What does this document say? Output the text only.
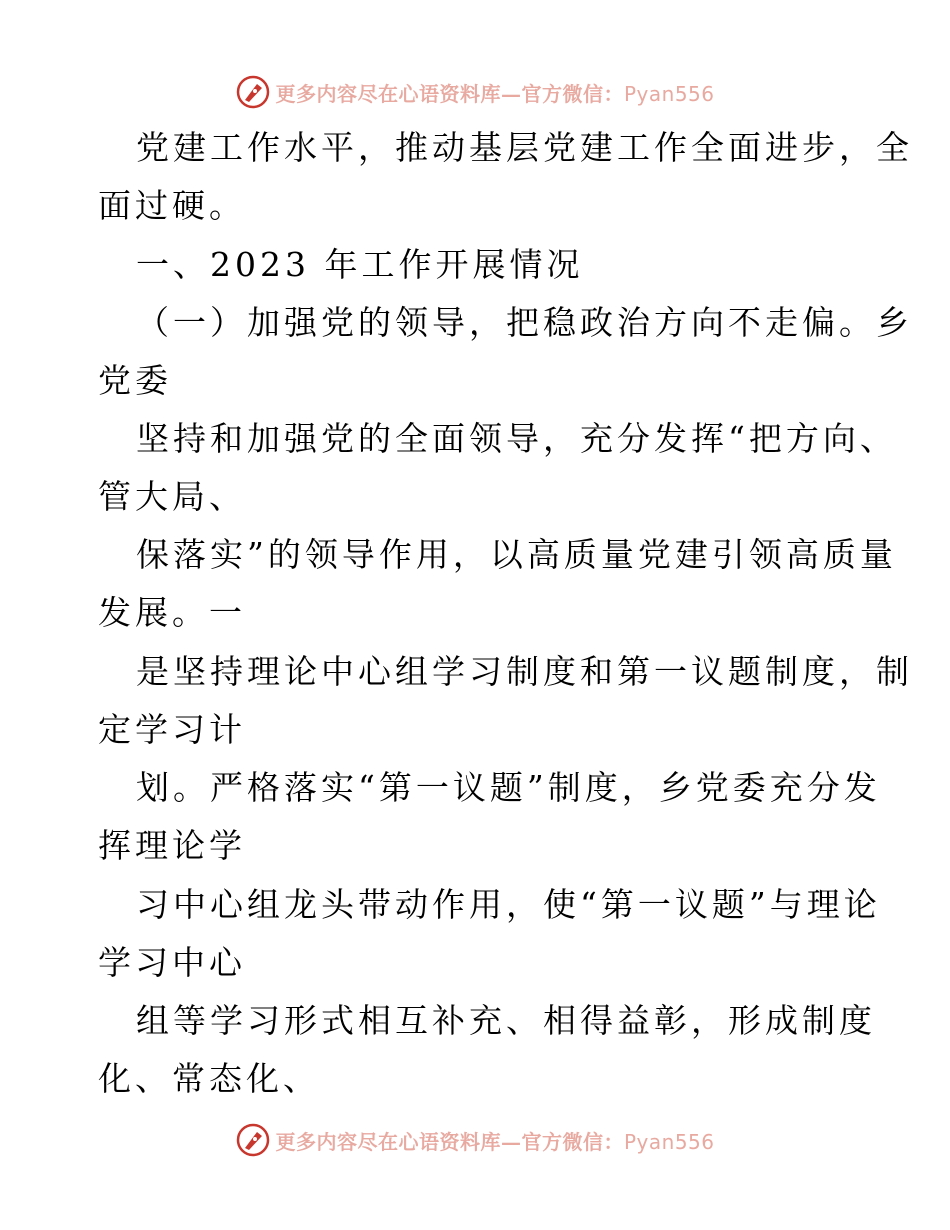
更多内容尽在心语资料库—官方微信：Pyan556
党建工作水平，推动基层党建工作全面进步，全
面过硬。
一、2023 年工作开展情况
（一）加强党的领导，把稳政治方向不走偏。乡
党委
坚持和加强党的全面领导，充分发挥“把方向、
管大局、
保落实”的领导作用，以高质量党建引领高质量
发展。一
是坚持理论中心组学习制度和第一议题制度，制
定学习计
划。严格落实“第一议题”制度，乡党委充分发
挥理论学
习中心组龙头带动作用，使“第一议题”与理论
学习中心
组等学习形式相互补充、相得益彰，形成制度
化、常态化、
更多内容尽在心语资料库—官方微信：Pyan556
